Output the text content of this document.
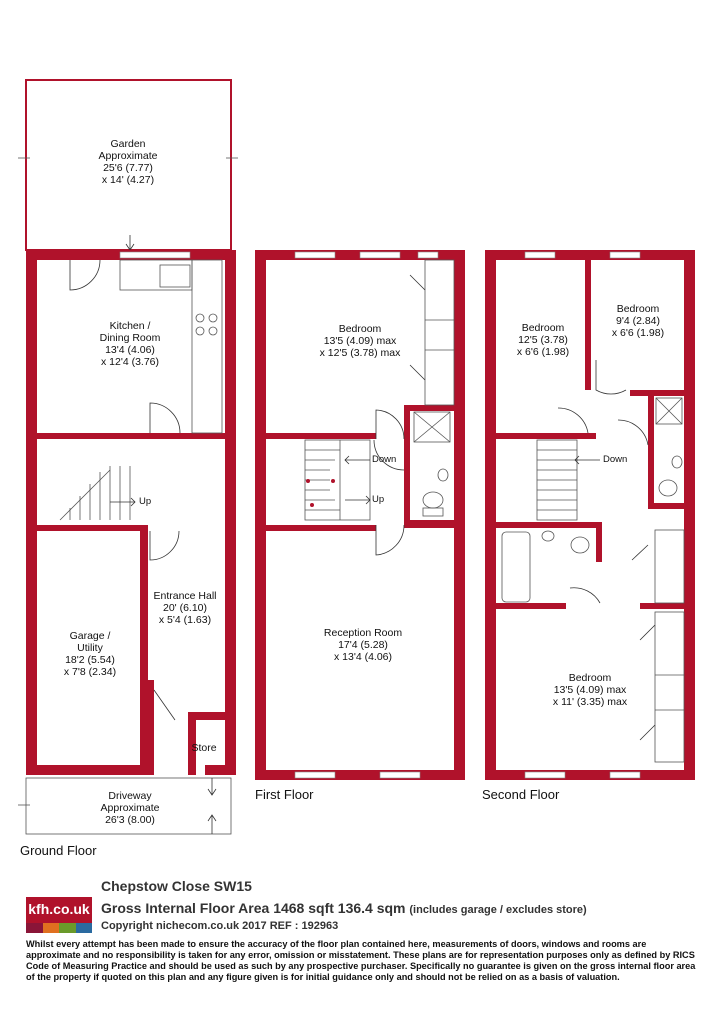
Garden
Approximate
25'6 (7.77)
x 14' (4.27)
Kitchen /
Dining Room
13'4 (4.06)
x 12'4 (3.76)
Entrance Hall
20' (6.10)
x 5'4 (1.63)
Garage /
Utility
18'2 (5.54)
x 7'8 (2.34)
Store
Driveway
Approximate
26'3 (8.00)
Bedroom
13'5 (4.09) max
x 12'5 (3.78) max
Reception Room
17'4 (5.28)
x 13'4 (4.06)
Bedroom
12'5 (3.78)
x 6'6 (1.98)
Bedroom
9'4 (2.84)
x 6'6 (1.98)
Bedroom
13'5 (4.09) max
x 11' (3.35) max
Up
Down
Up
Down
Ground Floor
First Floor	Second Floor
kfh.co.uk
Chepstow Close SW15
Gross Internal Floor Area 1468 sqft 136.4 sqm (includes garage / excludes store)
Copyright nichecom.co.uk 2017 REF : 192963
Whilst every attempt has been made to ensure the accuracy of the floor plan contained here, measurements of doors, windows and rooms are approximate and no responsibility is taken for any error, omission or misstatement. These plans are for representation purposes only as defined by RICS Code of Measuring Practice and should be used as such by any prospective purchaser. Specifically no guarantee is given on the gross internal floor area of the property if quoted on this plan and any figure given is for initial guidance only and should not be relied on as a basis of valuation.
